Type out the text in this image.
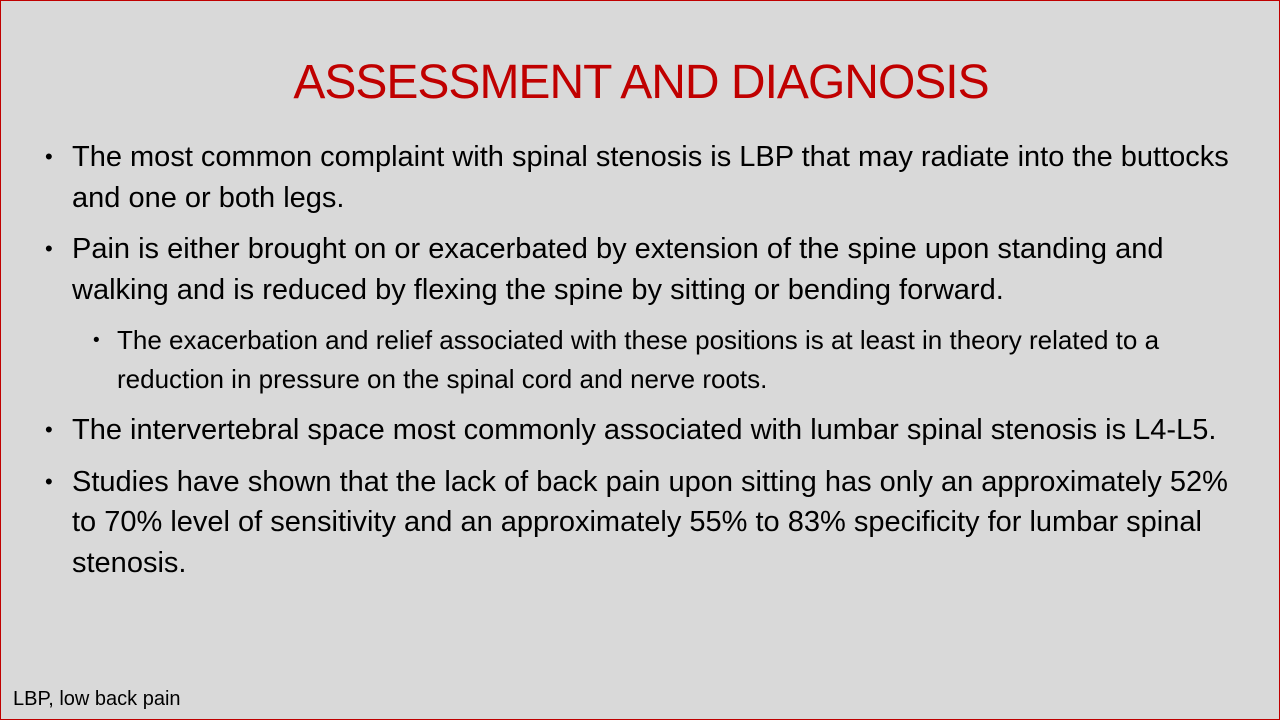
ASSESSMENT AND DIAGNOSIS
• The most common complaint with spinal stenosis is LBP that may radiate into the buttocks and one or both legs.
• Pain is either brought on or exacerbated by extension of the spine upon standing and walking and is reduced by flexing the spine by sitting or bending forward.
• The exacerbation and relief associated with these positions is at least in theory related to a reduction in pressure on the spinal cord and nerve roots.
• The intervertebral space most commonly associated with lumbar spinal stenosis is L4-L5.
• Studies have shown that the lack of back pain upon sitting has only an approximately 52% to 70% level of sensitivity and an approximately 55% to 83% specificity for lumbar spinal stenosis.
LBP, low back pain
